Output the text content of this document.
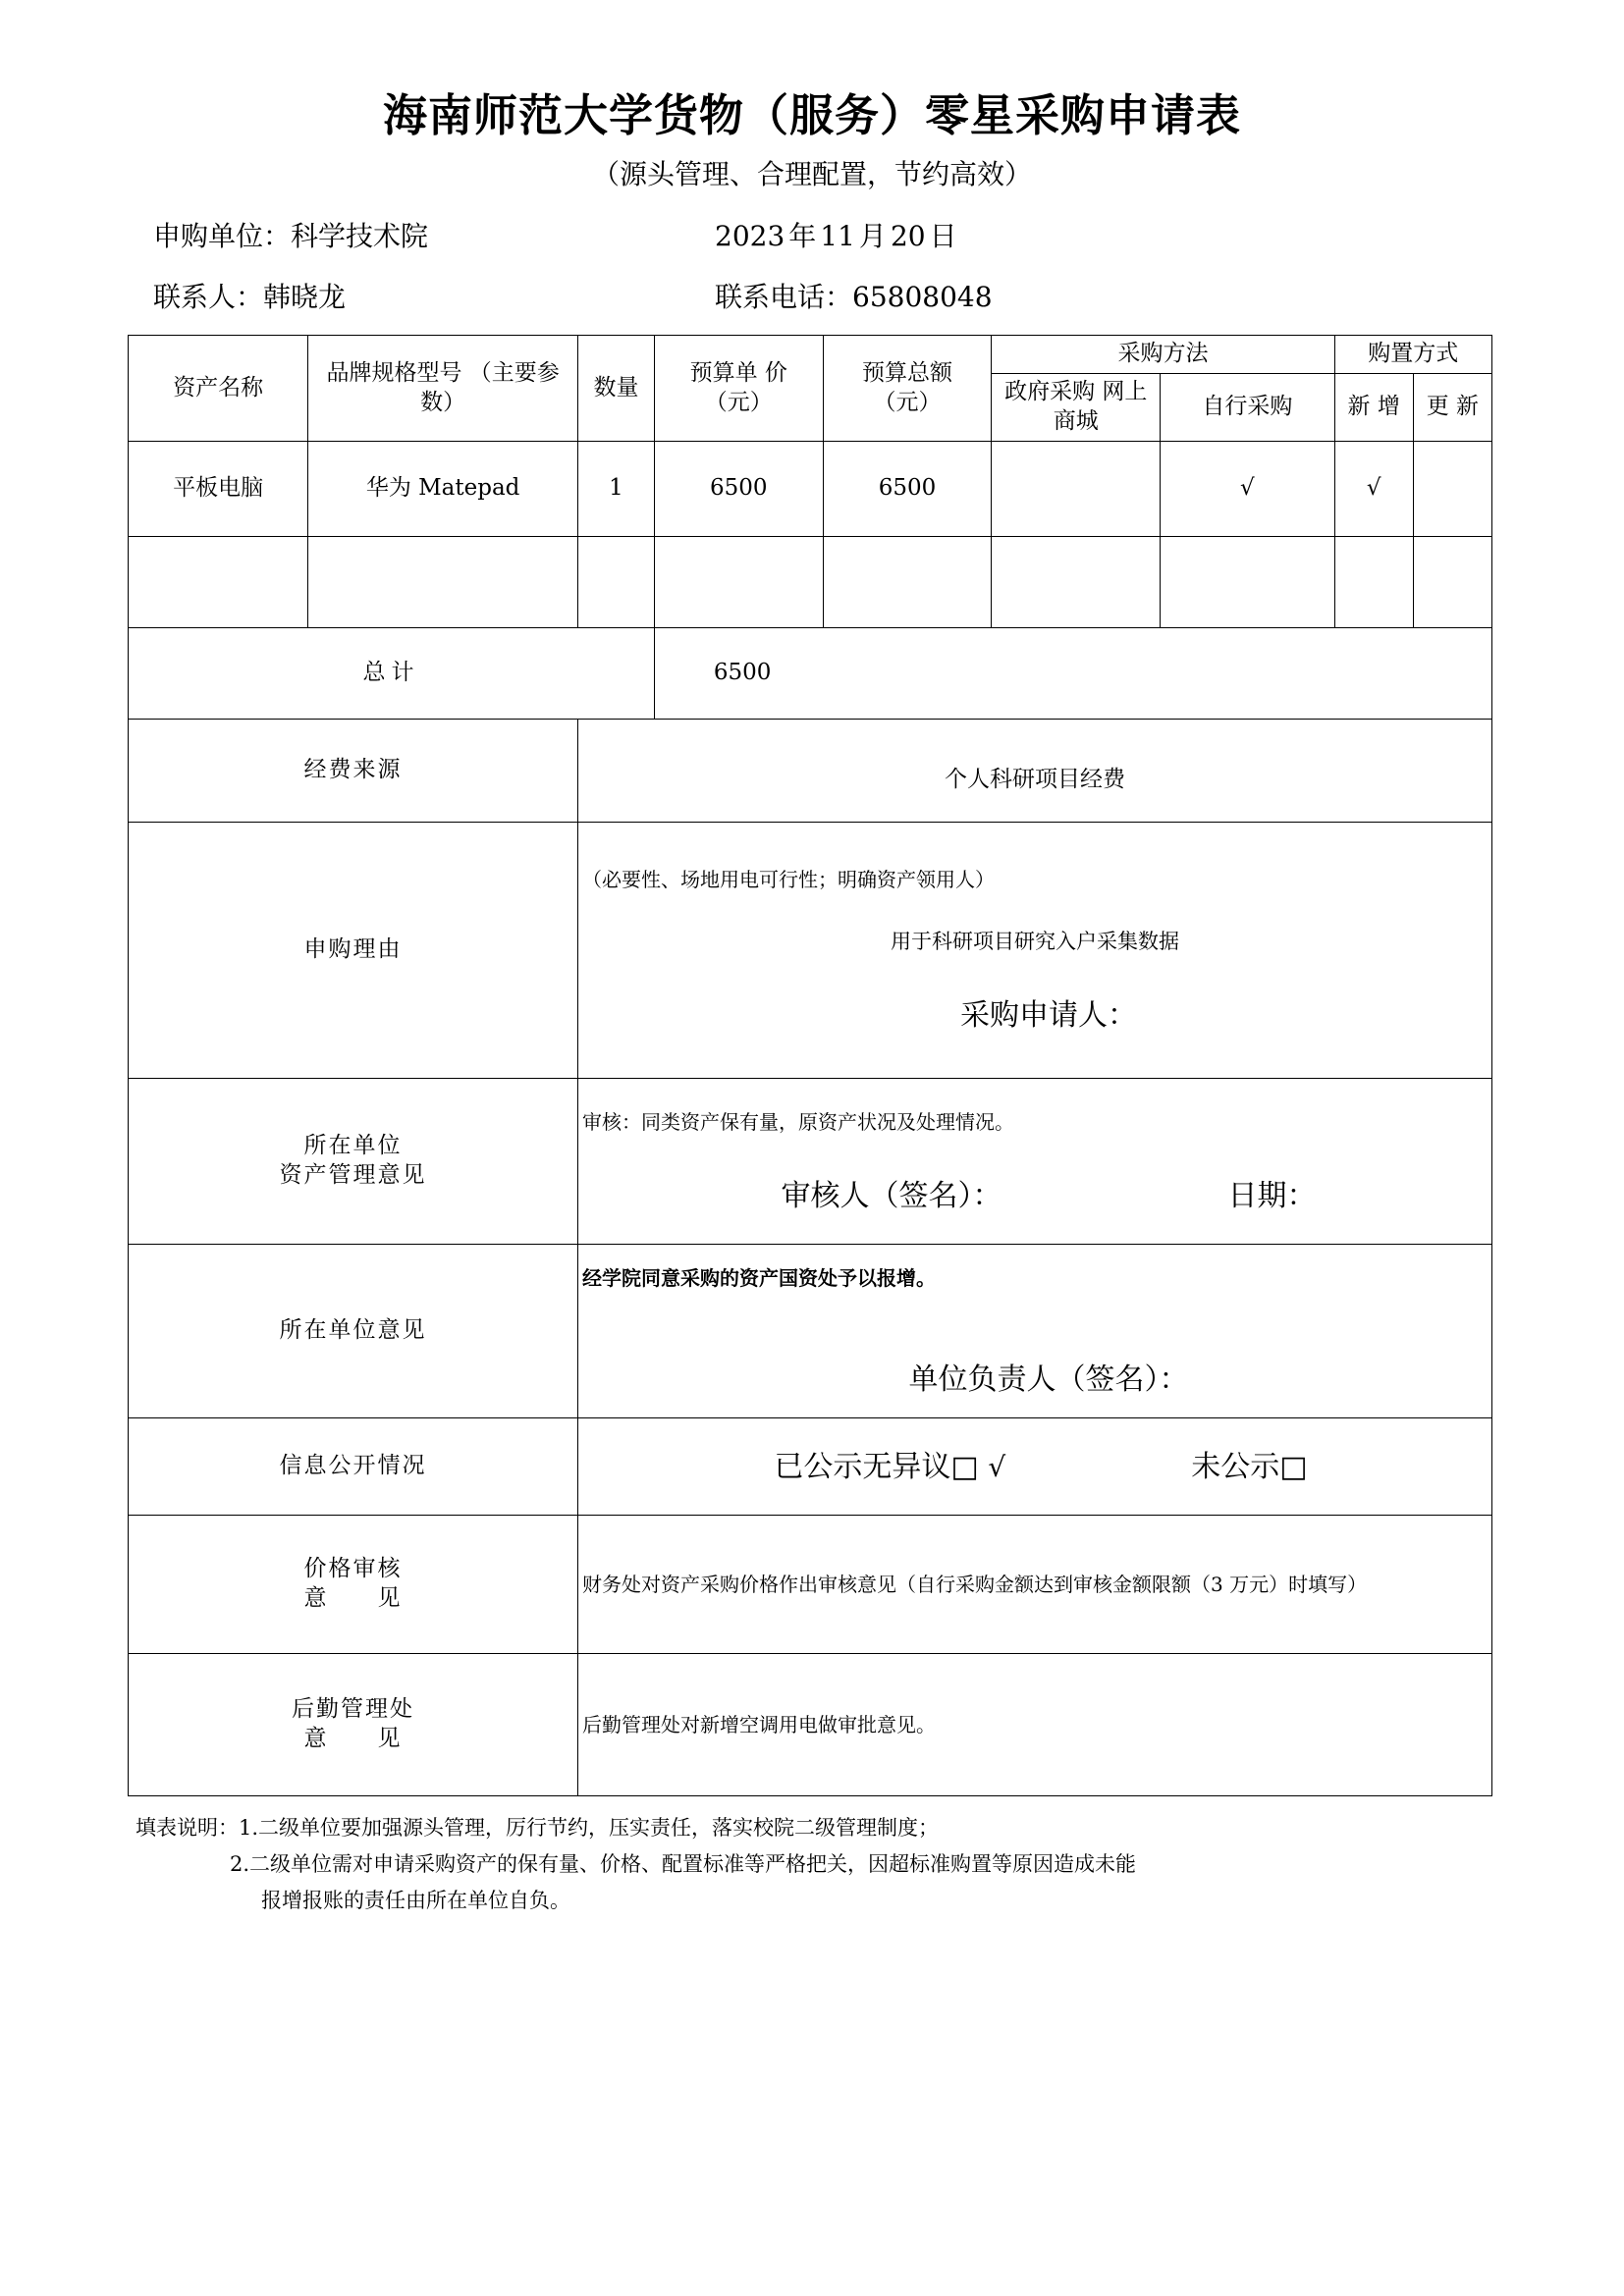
海南师范大学货物（服务）零星采购申请表
（源头管理、合理配置，节约高效）
申购单位：科学技术院	2023 年 11 月 20 日
联系人：韩晓龙	联系电话：65808048
资产名称	品牌规格型号 （主要参数）	数量	预算单 价 （元）	预算总额 （元）	采购方法		购置方式	
					政府采购 网上商城	自行采购	新 增	更 新
平板电脑	华为 Matepad	1	6500	6500		√	√	

总计			6500					
经费来源		个人科研项目经费						

申购理由		（必要性、场地用电可行性；明确资产领用人）
用于科研项目研究入户采集数据
采购申请人：						

所在单位
资产管理意见

审核：同类资产保有量，原资产状况及处理情况。
审核人（签名）：	日期：

所在单位意见		经学院同意采购的资产国资处予以报增。
单位负责人（签名）：						

信息公开情况		已公示无异议□ √ 未公示□						

价格审核
意　　见		财务处对资产采购价格作出审核意见（自行采购金额达到审核金额限额（3 万元）时填写）						

后勤管理处
意　　见		后勤管理处对新增空调用电做审批意见。						
填表说明：1.二级单位要加强源头管理，厉行节约，压实责任，落实校院二级管理制度；
2.二级单位需对申请采购资产的保有量、价格、配置标准等严格把关，因超标准购置等原因造成未能
报增报账的责任由所在单位自负。
